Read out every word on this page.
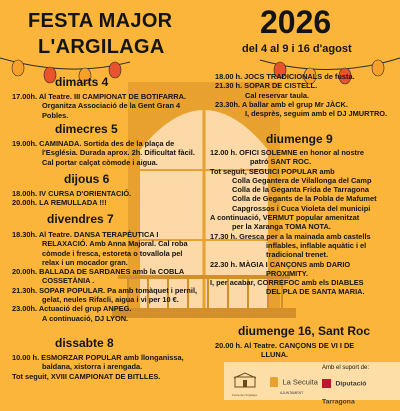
FESTA MAJOR
L'ARGILAGA
2026
del 4 al 9 i 16 d'agost
dimarts 4
17.00h. Al Teatre. III CAMPIONAT DE BOTIFARRA.
Organitza Associació de la Gent Gran 4
Pobles.
dimecres 5
19.00h. CAMINADA. Sortida des de la plaça de
l'Església. Durada aprox. 2h. Dificultat fàcil.
Cal portar calçat còmode i aigua.
dijous 6
18.00h. IV CURSA D'ORIENTACIÓ.
20.00h. LA REMULLADA !!!
divendres 7
18.30h. Al Teatre. DANSA TERAPÈUTICA I
RELAXACIÓ. Amb Anna Majoral. Cal roba
còmode i fresca, estoreta o tovallola pel
relax i un mocador gran.
20.00h. BALLADA DE SARDANES amb la COBLA
COSSETÀNIA .
21.30h. SOPAR POPULAR. Pa amb tomàquet i pernil,
gelat, neules Rifacli, aigua i vi per 10 €.
23.00h. Actuació del grup ANPEG.
A continuació, DJ LYON.
dissabte 8
10.00 h. ESMORZAR POPULAR amb llonganissa,
baldana, xistorra i arengada.
Tot seguit, XVIII CAMPIONAT DE BITLLES.
18.00 h. JOCS TRADICIONALS de fusta.
21.30 h. SOPAR DE CISTELL.
Cal reservar taula.
23.30h. A ballar amb el grup Mr JÀCK.
I, desprès, seguim amb el DJ JMURTRO.
diumenge 9
12.00 h. OFICI SOLEMNE en honor al nostre
patró SANT ROC.
Tot seguit, SEGUICI POPULAR amb
Colla Gegantera de Vilallonga del Camp
Colla de la Geganta Frida de Tarragona
Colla de Gegants de la Pobla de Mafumet
Capgrossos i Cuca Violeta del municipi
A continuació, VERMUT popular amenitzat
per la Xaranga TOMA NOTA.
17.30 h. Gresca per a la mainada amb castells
inflables, inflable aquàtic i el
tradicional trenet.
22.30 h. MÀGIA I CANÇONS amb DARIO
PROXIMITY.
I, per acabar, CORREFOC amb els DIABLES
DEL PLA DE SANTA MARIA.
diumenge 16, Sant Roc
20.00 h. Al Teatre. CANÇONS DE VI I DE
LLUNA.
Amb el suport de:
Festa de l'Argilaga
La Secuita
AJUNTAMENT
Diputació Tarragona
